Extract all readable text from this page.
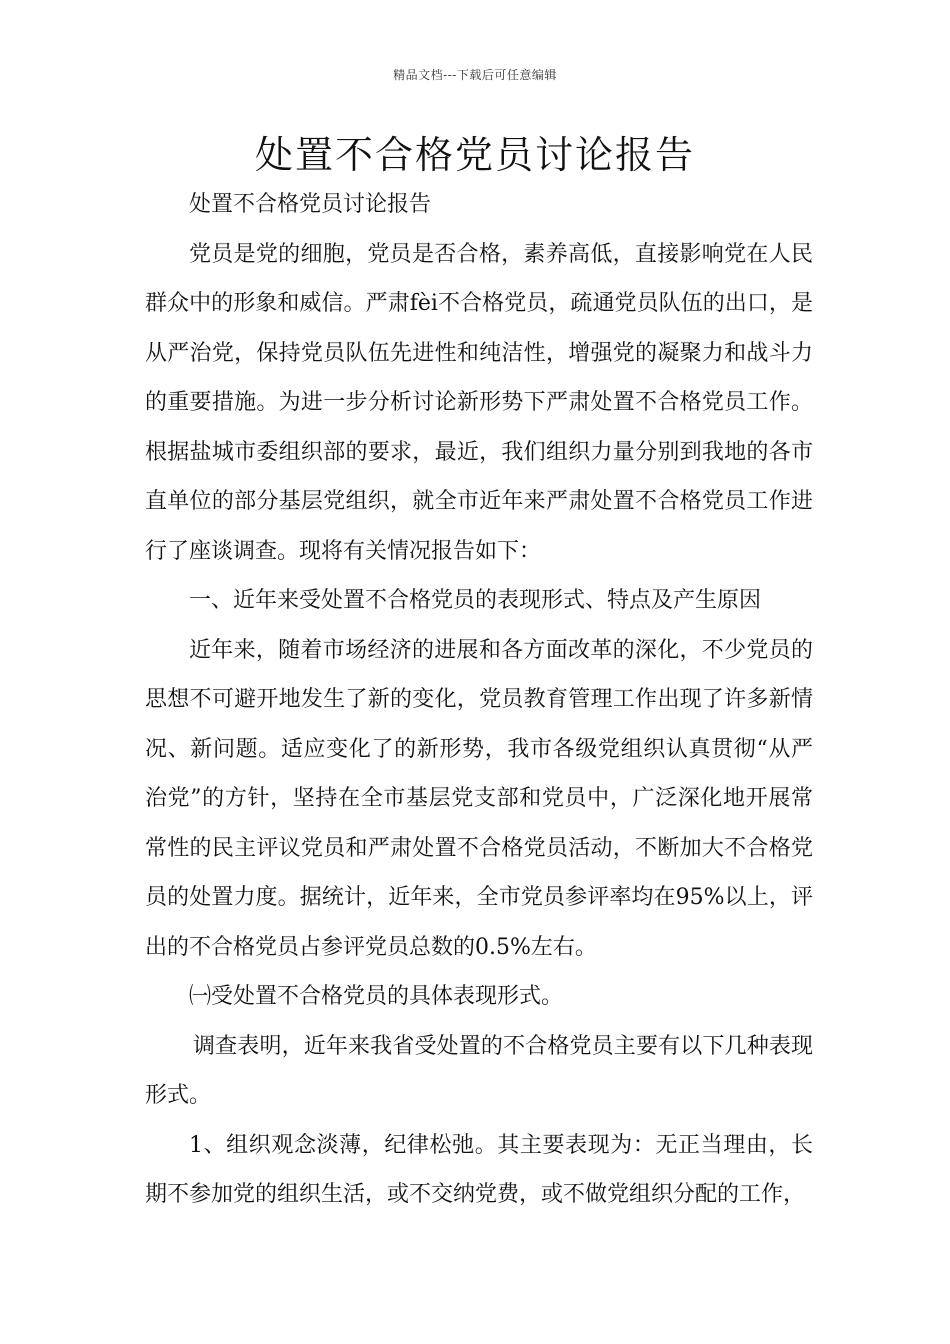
精品文档---下载后可任意编辑
处置不合格党员讨论报告

处置不合格党员讨论报告

党员是党的细胞，党员是否合格，素养高低，直接影响党在人民群众中的形象和威信。严肃fèi不合格党员，疏通党员队伍的出口，是从严治党，保持党员队伍先进性和纯洁性，增强党的凝聚力和战斗力的重要措施。为进一步分析讨论新形势下严肃处置不合格党员工作。根据盐城市委组织部的要求，最近，我们组织力量分别到我地的各市直单位的部分基层党组织，就全市近年来严肃处置不合格党员工作进行了座谈调查。现将有关情况报告如下：

一、近年来受处置不合格党员的表现形式、特点及产生原因

近年来，随着市场经济的进展和各方面改革的深化，不少党员的思想不可避开地发生了新的变化，党员教育管理工作出现了许多新情况、新问题。适应变化了的新形势，我市各级党组织认真贯彻“从严治党”的方针，坚持在全市基层党支部和党员中，广泛深化地开展常常性的民主评议党员和严肃处置不合格党员活动，不断加大不合格党员的处置力度。据统计，近年来，全市党员参评率均在95%以上，评出的不合格党员占参评党员总数的0.5%左右。

㈠受处置不合格党员的具体表现形式。

调查表明，近年来我省受处置的不合格党员主要有以下几种表现形式。

1、组织观念淡薄，纪律松弛。其主要表现为：无正当理由，长期不参加党的组织生活，或不交纳党费，或不做党组织分配的工作，
